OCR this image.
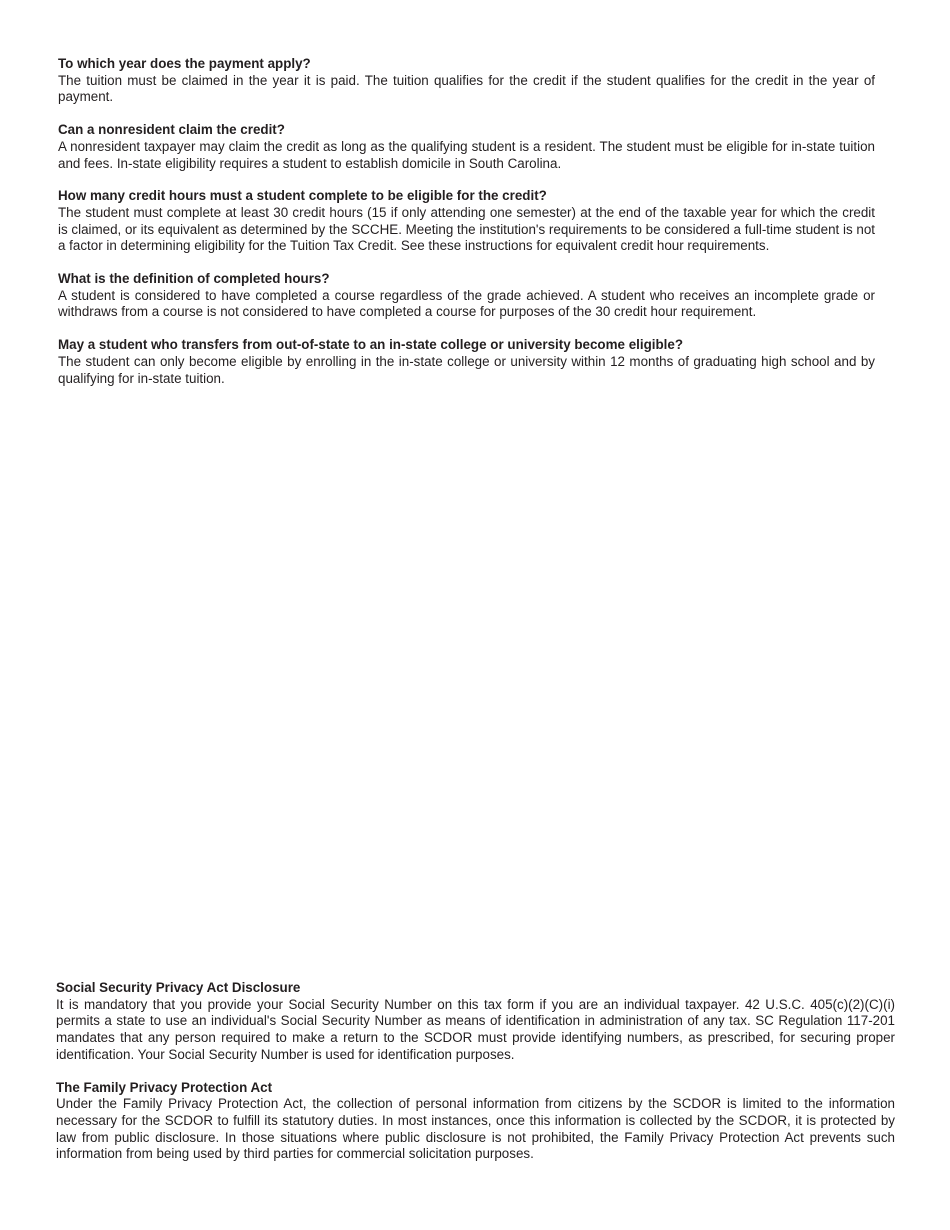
To which year does the payment apply?

The tuition must be claimed in the year it is paid. The tuition qualifies for the credit if the student qualifies for the credit in the year of payment.

Can a nonresident claim the credit?

A nonresident taxpayer may claim the credit as long as the qualifying student is a resident. The student must be eligible for in-state tuition and fees. In-state eligibility requires a student to establish domicile in South Carolina.

How many credit hours must a student complete to be eligible for the credit?

The student must complete at least 30 credit hours (15 if only attending one semester) at the end of the taxable year for which the credit is claimed, or its equivalent as determined by the SCCHE. Meeting the institution's requirements to be considered a full-time student is not a factor in determining eligibility for the Tuition Tax Credit. See these instructions for equivalent credit hour requirements.

What is the definition of completed hours?

A student is considered to have completed a course regardless of the grade achieved. A student who receives an incomplete grade or withdraws from a course is not considered to have completed a course for purposes of the 30 credit hour requirement.

May a student who transfers from out-of-state to an in-state college or university become eligible?

The student can only become eligible by enrolling in the in-state college or university within 12 months of graduating high school and by qualifying for in-state tuition.

Social Security Privacy Act Disclosure

It is mandatory that you provide your Social Security Number on this tax form if you are an individual taxpayer. 42 U.S.C. 405(c)(2)(C)(i) permits a state to use an individual's Social Security Number as means of identification in administration of any tax. SC Regulation 117-201 mandates that any person required to make a return to the SCDOR must provide identifying numbers, as prescribed, for securing proper identification. Your Social Security Number is used for identification purposes.

The Family Privacy Protection Act

Under the Family Privacy Protection Act, the collection of personal information from citizens by the SCDOR is limited to the information necessary for the SCDOR to fulfill its statutory duties. In most instances, once this information is collected by the SCDOR, it is protected by law from public disclosure. In those situations where public disclosure is not prohibited, the Family Privacy Protection Act prevents such information from being used by third parties for commercial solicitation purposes.
